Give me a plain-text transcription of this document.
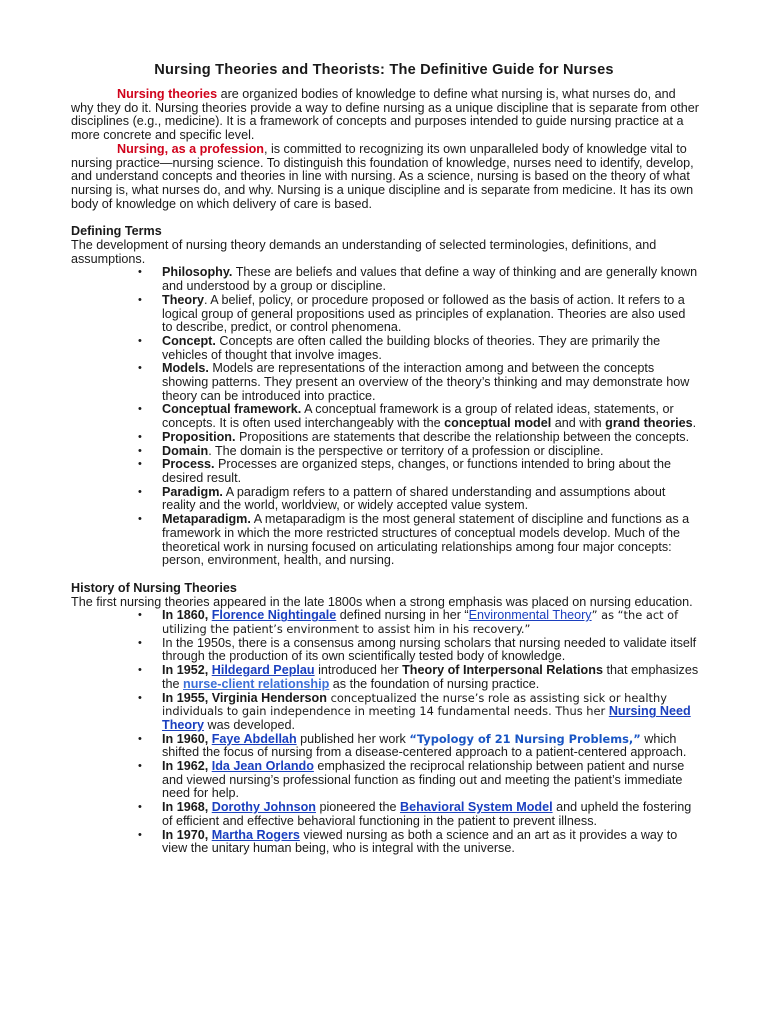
Nursing Theories and Theorists: The Definitive Guide for Nurses

Nursing theories are organized bodies of knowledge to define what nursing is, what nurses do, and why they do it. Nursing theories provide a way to define nursing as a unique discipline that is separate from other disciplines (e.g., medicine). It is a framework of concepts and purposes intended to guide nursing practice at a more concrete and specific level.

Nursing, as a profession, is committed to recognizing its own unparalleled body of knowledge vital to nursing practice—nursing science. To distinguish this foundation of knowledge, nurses need to identify, develop, and understand concepts and theories in line with nursing. As a science, nursing is based on the theory of what nursing is, what nurses do, and why. Nursing is a unique discipline and is separate from medicine. It has its own body of knowledge on which delivery of care is based.

Defining Terms

The development of nursing theory demands an understanding of selected terminologies, definitions, and assumptions.

• Philosophy. These are beliefs and values that define a way of thinking and are generally known and understood by a group or discipline.
• Theory. A belief, policy, or procedure proposed or followed as the basis of action. It refers to a logical group of general propositions used as principles of explanation. Theories are also used to describe, predict, or control phenomena.
• Concept. Concepts are often called the building blocks of theories. They are primarily the vehicles of thought that involve images.
• Models. Models are representations of the interaction among and between the concepts showing patterns. They present an overview of the theory’s thinking and may demonstrate how theory can be introduced into practice.
• Conceptual framework. A conceptual framework is a group of related ideas, statements, or concepts. It is often used interchangeably with the conceptual model and with grand theories.
• Proposition. Propositions are statements that describe the relationship between the concepts.
• Domain. The domain is the perspective or territory of a profession or discipline.
• Process. Processes are organized steps, changes, or functions intended to bring about the desired result.
• Paradigm. A paradigm refers to a pattern of shared understanding and assumptions about reality and the world, worldview, or widely accepted value system.
• Metaparadigm. A metaparadigm is the most general statement of discipline and functions as a framework in which the more restricted structures of conceptual models develop. Much of the theoretical work in nursing focused on articulating relationships among four major concepts: person, environment, health, and nursing.

History of Nursing Theories

The first nursing theories appeared in the late 1800s when a strong emphasis was placed on nursing education.

• In 1860, Florence Nightingale defined nursing in her “Environmental Theory” as “the act of utilizing the patient’s environment to assist him in his recovery.”
• In the 1950s, there is a consensus among nursing scholars that nursing needed to validate itself through the production of its own scientifically tested body of knowledge.
• In 1952, Hildegard Peplau introduced her Theory of Interpersonal Relations that emphasizes the nurse-client relationship as the foundation of nursing practice.
• In 1955, Virginia Henderson conceptualized the nurse’s role as assisting sick or healthy individuals to gain independence in meeting 14 fundamental needs. Thus her Nursing Need Theory was developed.
• In 1960, Faye Abdellah published her work “Typology of 21 Nursing Problems,” which shifted the focus of nursing from a disease-centered approach to a patient-centered approach.
• In 1962, Ida Jean Orlando emphasized the reciprocal relationship between patient and nurse and viewed nursing’s professional function as finding out and meeting the patient’s immediate need for help.
• In 1968, Dorothy Johnson pioneered the Behavioral System Model and upheld the fostering of efficient and effective behavioral functioning in the patient to prevent illness.
• In 1970, Martha Rogers viewed nursing as both a science and an art as it provides a way to view the unitary human being, who is integral with the universe.
